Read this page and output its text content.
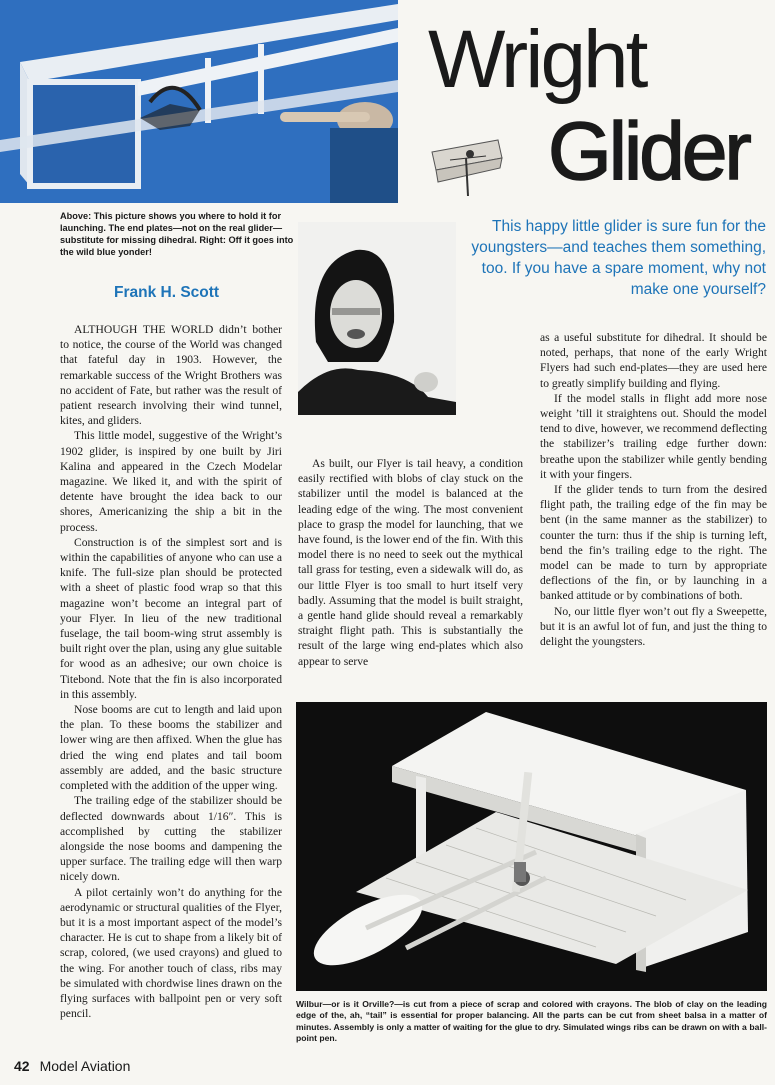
Above: This picture shows you where to hold it for launching. The end plates—not on the real glider—substitute for missing dihedral. Right: Off it goes into the wild blue yonder!
Wright
Glider
This happy little glider is sure fun for the youngsters—and teaches them something, too. If you have a spare moment, why not make one yourself?
Frank H. Scott

ALTHOUGH THE WORLD didn’t bother to notice, the course of the World was changed that fateful day in 1903. However, the remarkable success of the Wright Brothers was no accident of Fate, but rather was the result of patient research involving their wind tunnel, kites, and gliders.

This little model, suggestive of the Wright’s 1902 glider, is inspired by one built by Jiri Kalina and appeared in the Czech Modelar magazine. We liked it, and with the spirit of detente have brought the idea back to our shores, Americanizing the ship a bit in the process.

Construction is of the simplest sort and is within the capabilities of anyone who can use a knife. The full-size plan should be protected with a sheet of plastic food wrap so that this magazine won’t become an integral part of your Flyer. In lieu of the new traditional fuselage, the tail boom-wing strut assembly is built right over the plan, using any glue suitable for wood as an adhesive; our own choice is Titebond. Note that the fin is also incorporated in this assembly.

Nose booms are cut to length and laid upon the plan. To these booms the stabilizer and lower wing are then affixed. When the glue has dried the wing end plates and tail boom assembly are added, and the basic structure completed with the addition of the upper wing.

The trailing edge of the stabilizer should be deflected downwards about 1/16″. This is accomplished by cutting the stabilizer alongside the nose booms and dampening the upper surface. The trailing edge will then warp nicely down.

A pilot certainly won’t do anything for the aerodynamic or structural qualities of the Flyer, but it is a most important aspect of the model’s character. He is cut to shape from a likely bit of scrap, colored, (we used crayons) and glued to the wing. For another touch of class, ribs may be simulated with chordwise lines drawn on the flying surfaces with ballpoint pen or very soft pencil.

As built, our Flyer is tail heavy, a condition easily rectified with blobs of clay stuck on the stabilizer until the model is balanced at the leading edge of the wing. The most convenient place to grasp the model for launching, that we have found, is the lower end of the fin. With this model there is no need to seek out the mythical tall grass for testing, even a sidewalk will do, as our little Flyer is too small to hurt itself very badly. Assuming that the model is built straight, a gentle hand glide should reveal a remarkably straight flight path. This is substantially the result of the large wing end-plates which also appear to serve

as a useful substitute for dihedral. It should be noted, perhaps, that none of the early Wright Flyers had such end-plates—they are used here to greatly simplify building and flying.

If the model stalls in flight add more nose weight ’till it straightens out. Should the model tend to dive, however, we recommend deflecting the stabilizer’s trailing edge further down: breathe upon the stabilizer while gently bending it with your fingers.

If the glider tends to turn from the desired flight path, the trailing edge of the fin may be bent (in the same manner as the stabilizer) to counter the turn: thus if the ship is turning left, bend the fin’s trailing edge to the right. The model can be made to turn by appropriate deflections of the fin, or by launching in a banked attitude or by combinations of both.

No, our little flyer won’t out fly a Sweepette, but it is an awful lot of fun, and just the thing to delight the youngsters.

Wilbur—or is it Orville?—is cut from a piece of scrap and colored with crayons. The blob of clay on the leading edge of the, ah, “tail” is essential for proper balancing. All the parts can be cut from sheet balsa in a matter of minutes. Assembly is only a matter of waiting for the glue to dry. Simulated wings ribs can be drawn on with a ball-point pen.
42 Model Aviation
